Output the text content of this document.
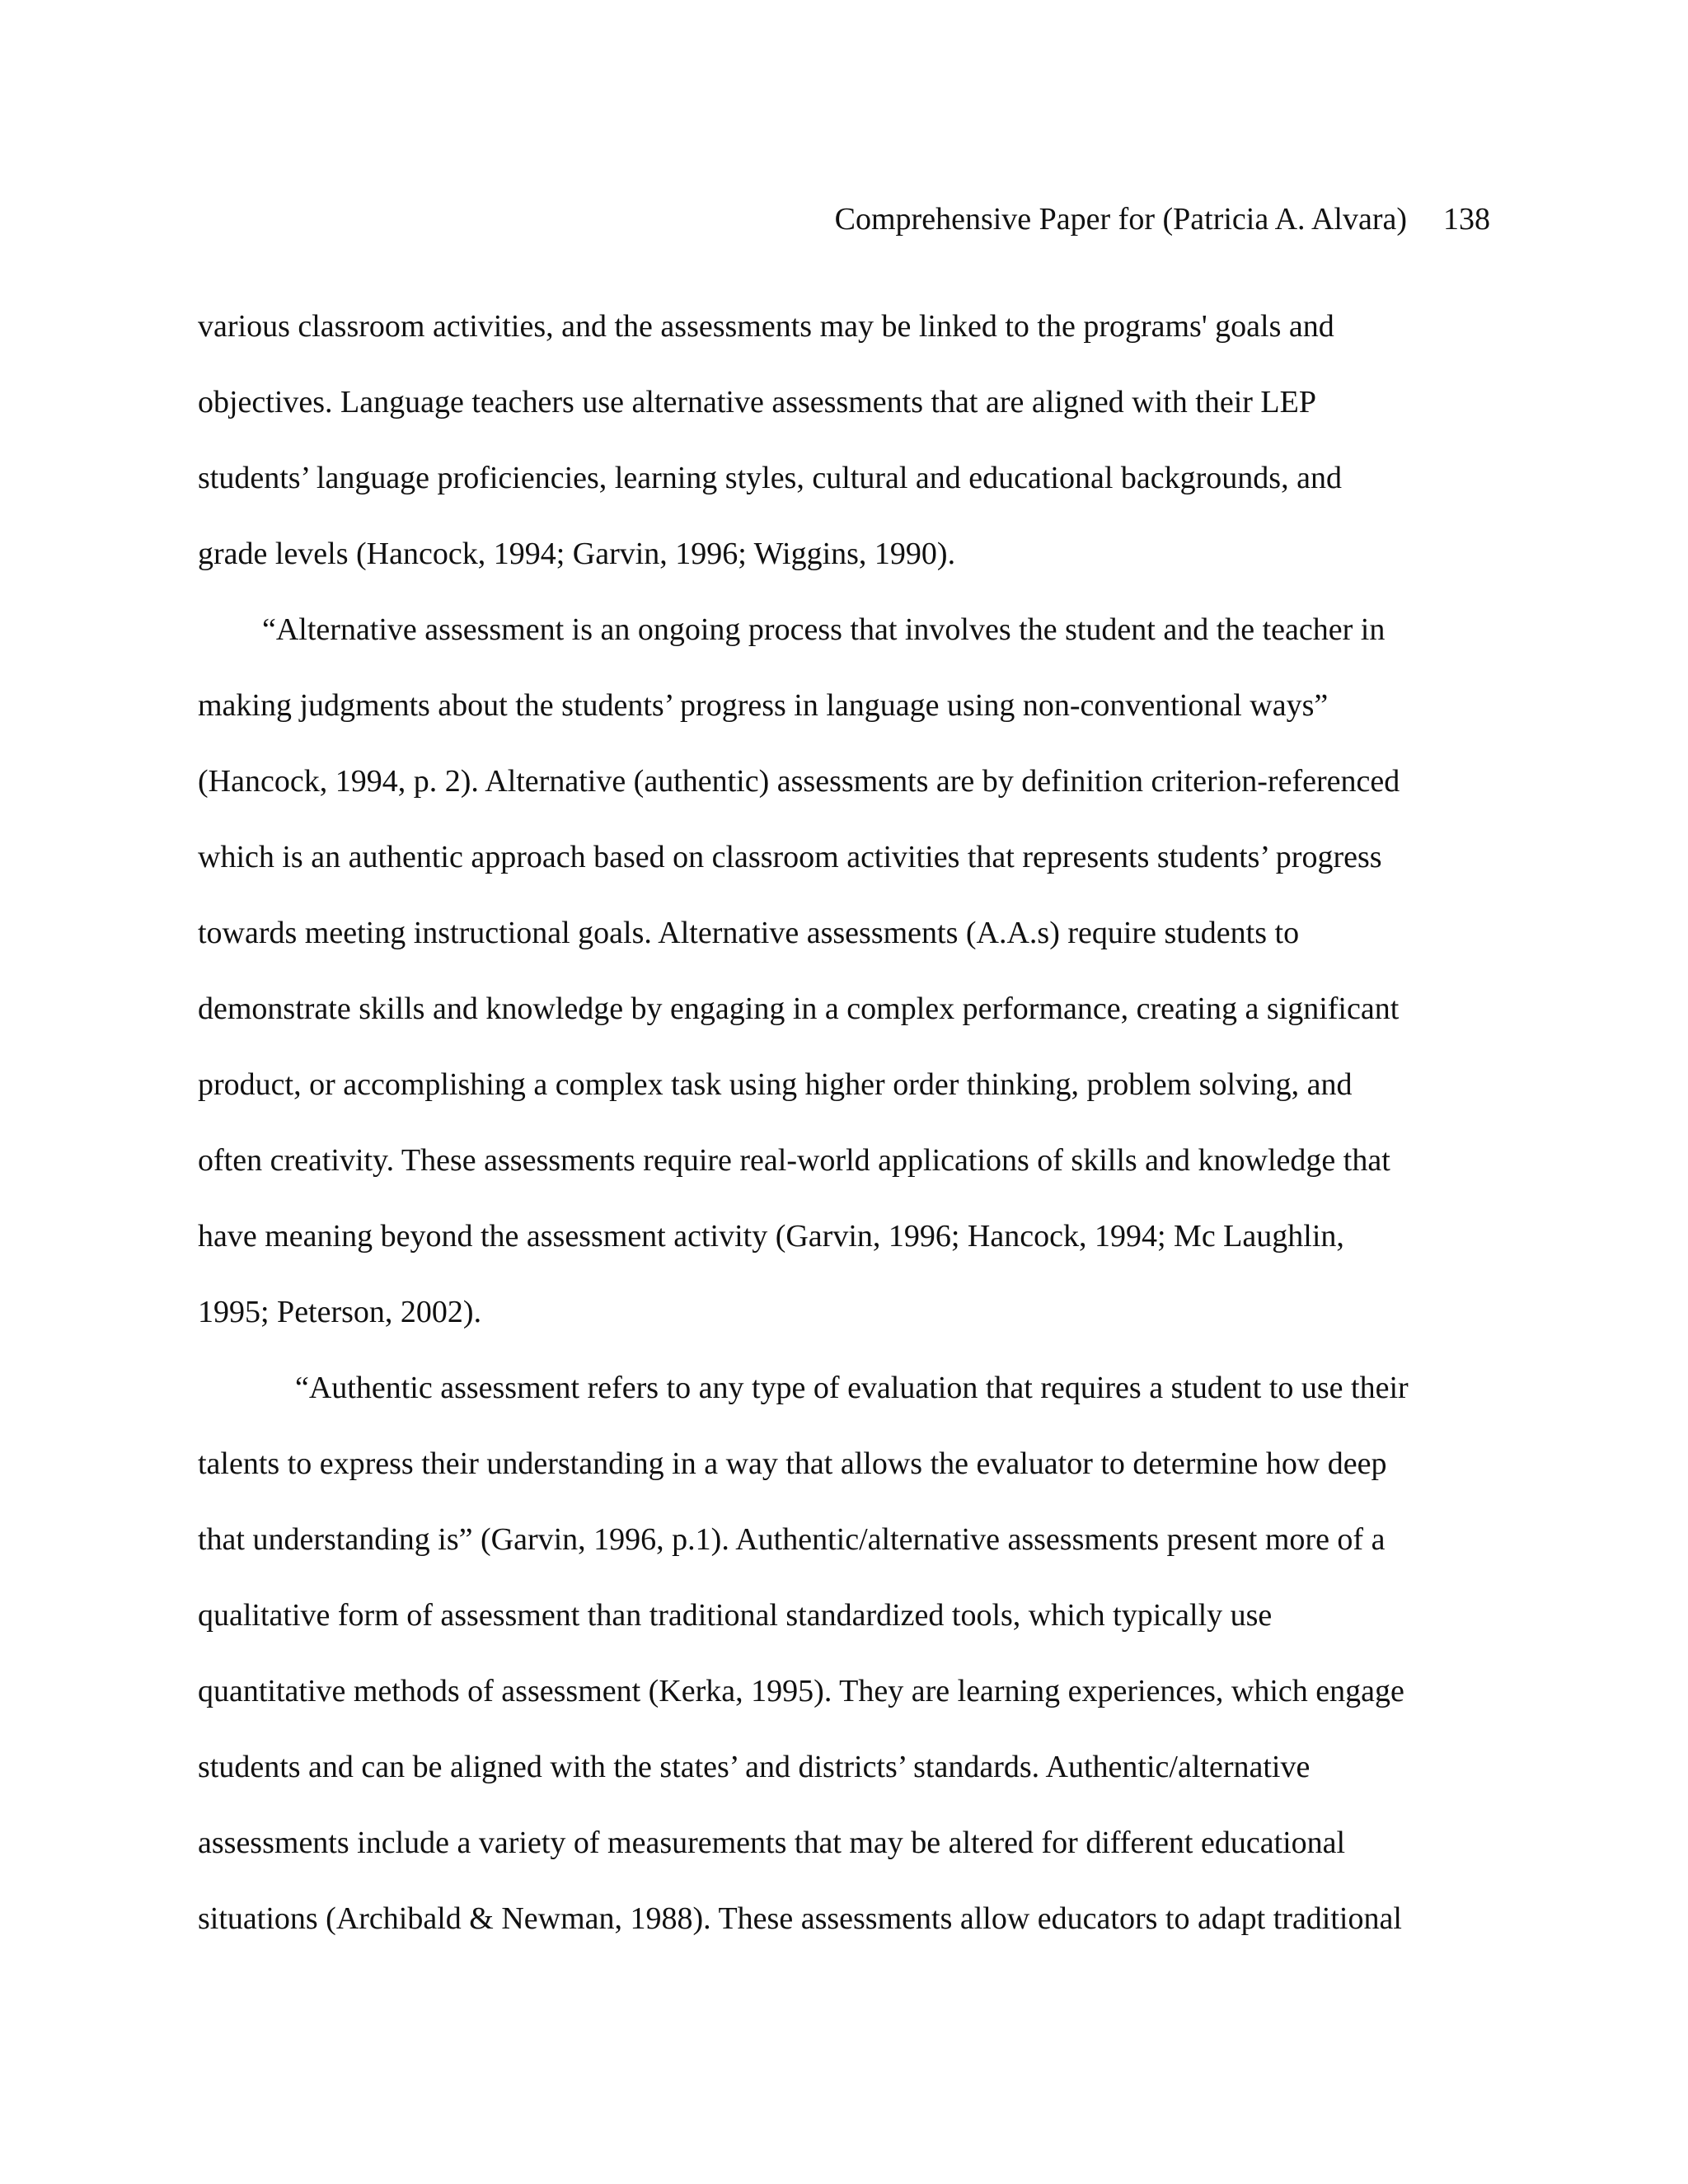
Comprehensive Paper for (Patricia A. Alvara) 138
various classroom activities, and the assessments may be linked to the programs' goals and
objectives. Language teachers use alternative assessments that are aligned with their LEP
students’ language proficiencies, learning styles, cultural and educational backgrounds, and
grade levels (Hancock, 1994; Garvin, 1996; Wiggins, 1990).
“Alternative assessment is an ongoing process that involves the student and the teacher in
making judgments about the students’ progress in language using non-conventional ways”
(Hancock, 1994, p. 2). Alternative (authentic) assessments are by definition criterion-referenced
which is an authentic approach based on classroom activities that represents students’ progress
towards meeting instructional goals. Alternative assessments (A.A.s) require students to
demonstrate skills and knowledge by engaging in a complex performance, creating a significant
product, or accomplishing a complex task using higher order thinking, problem solving, and
often creativity. These assessments require real-world applications of skills and knowledge that
have meaning beyond the assessment activity (Garvin, 1996; Hancock, 1994; Mc Laughlin,
1995; Peterson, 2002).
“Authentic assessment refers to any type of evaluation that requires a student to use their
talents to express their understanding in a way that allows the evaluator to determine how deep
that understanding is” (Garvin, 1996, p.1). Authentic/alternative assessments present more of a
qualitative form of assessment than traditional standardized tools, which typically use
quantitative methods of assessment (Kerka, 1995). They are learning experiences, which engage
students and can be aligned with the states’ and districts’ standards. Authentic/alternative
assessments include a variety of measurements that may be altered for different educational
situations (Archibald & Newman, 1988). These assessments allow educators to adapt traditional
